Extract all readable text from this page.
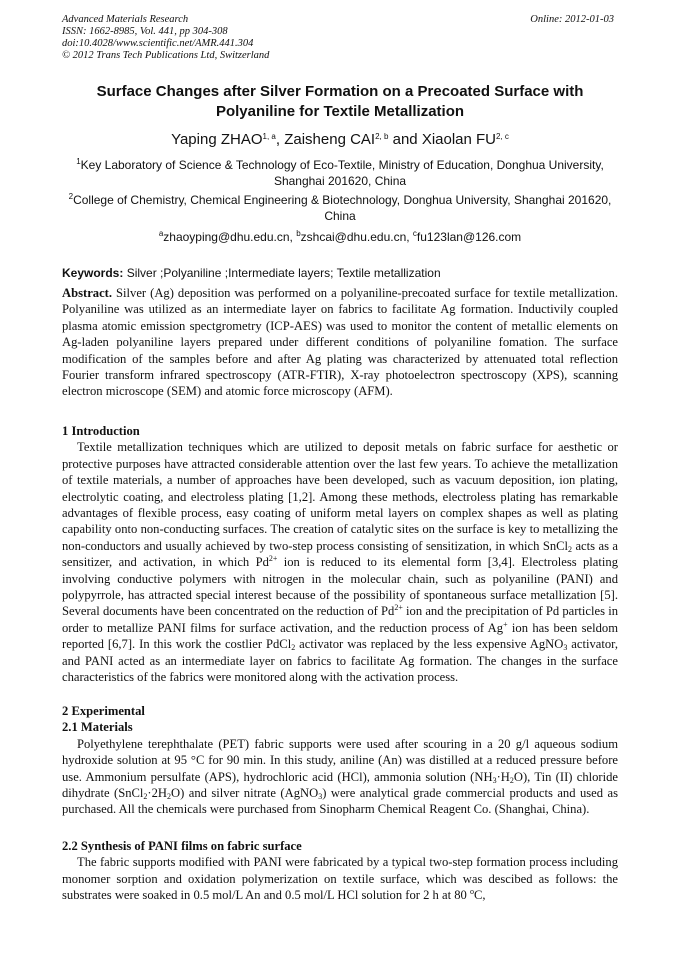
Advanced Materials Research
ISSN: 1662-8985, Vol. 441, pp 304-308
doi:10.4028/www.scientific.net/AMR.441.304
© 2012 Trans Tech Publications Ltd, Switzerland
Online: 2012-01-03
Surface Changes after Silver Formation on a Precoated Surface with
Polyaniline for Textile Metallization
Yaping ZHAO$^{1, a}$, Zaisheng CAI$^{2, b}$ and Xiaolan FU$^{2, c}$
$^1$Key Laboratory of Science & Technology of Eco-Textile, Ministry of Education, Donghua University, Shanghai 201620, China
$^2$College of Chemistry, Chemical Engineering & Biotechnology, Donghua University, Shanghai 201620, China
$^a$zhaoyping@dhu.edu.cn, $^b$zshcai@dhu.edu.cn, $^c$fu123lan@126.com
Keywords: Silver ;Polyaniline ;Intermediate layers; Textile metallization

Abstract. Silver (Ag) deposition was performed on a polyaniline-precoated surface for textile metallization. Polyaniline was utilized as an intermediate layer on fabrics to facilitate Ag formation. Inductivily coupled plasma atomic emission spectgrometry (ICP-AES) was used to monitor the content of metallic elements on Ag-laden polyaniline layers prepared under different conditions of polyaniline fomation. The surface modification of the samples before and after Ag plating was characterized by attenuated total reflection Fourier transform infrared spectroscopy (ATR-FTIR), X-ray photoelectron spectroscopy (XPS), scanning electron microscope (SEM) and atomic force microscopy (AFM).

1 Introduction

Textile metallization techniques which are utilized to deposit metals on fabric surface for aesthetic or protective purposes have attracted considerable attention over the last few years. To achieve the metallization of textile materials, a number of approaches have been developed, such as vacuum deposition, ion plating, electrolytic coating, and electroless plating [1,2]. Among these methods, electroless plating has remarkable advantages of flexible process, easy coating of uniform metal layers on complex shapes as well as plating capability onto non-conducting surfaces. The creation of catalytic sites on the surface is key to metallizing the non-conductors and usually achieved by two-step process consisting of sensitization, in which SnCl$_2$ acts as a sensitizer, and activation, in which $Pd^{2+}$ ion is reduced to its elemental form [3,4]. Electroless plating involving conductive polymers with nitrogen in the molecular chain, such as polyaniline (PANI) and polypyrrole, has attracted special interest because of the possibility of spontaneous surface metallization [5]. Several documents have been concentrated on the reduction of $Pd^{2+}$ ion and the precipitation of Pd particles in order to metallize PANI films for surface activation, and the reduction process of Ag+ ion has been seldom reported [6,7]. In this work the costlier PdCl$_2$ activator was replaced by the less expensive AgNO$_3$ activator, and PANI acted as an intermediate layer on fabrics to facilitate Ag formation. The changes in the surface characteristics of the fabrics were monitored along with the activation process.

2 Experimental
2.1 Materials

Polyethylene terephthalate (PET) fabric supports were used after scouring in a 20 g/l aqueous sodium hydroxide solution at 95 °C for 90 min. In this study, aniline (An) was distilled at a reduced pressure before use. Ammonium persulfate (APS), hydrochloric acid (HCl), ammonia solution $(NH_3\cdot H_2O)$, Tin (II) chloride dihydrate $(SnCl_2\cdot 2H_2O)$ and silver nitrate (AgNO$_3$) were analytical grade commercial products and used as purchased. All the chemicals were purchased from Sinopharm Chemical Reagent Co. (Shanghai, China).

2.2 Synthesis of PANI films on fabric surface

The fabric supports modified with PANI were fabricated by a typical two-step formation process including monomer sorption and oxidation polymerization on textile surface, which was descibed as follows: the substrates were soaked in 0.5 mol/L An and 0.5 mol/L HCl solution for 2 h at 80 $^o$C,
